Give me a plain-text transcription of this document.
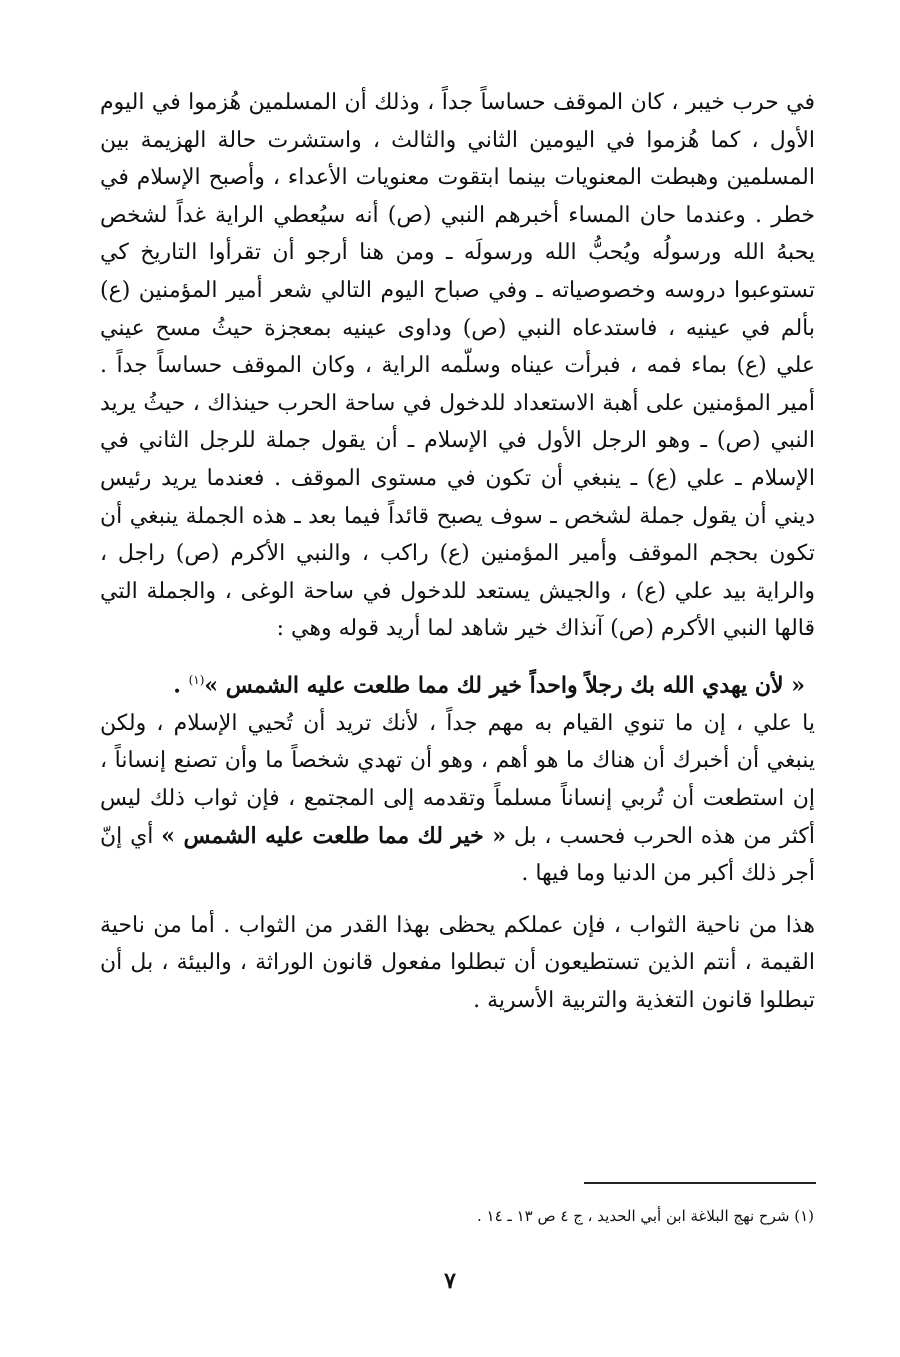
في حرب خيبر ، كان الموقف حساساً جداً ، وذلك أن المسلمين هُزموا في اليوم الأول ، كما هُزموا في اليومين الثاني والثالث ، واستشرت حالة الهزيمة بين المسلمين وهبطت المعنويات بينما ابتقوت معنويات الأعداء ، وأصبح الإسلام في خطر . وعندما حان المساء أخبرهم النبي (ص) أنه سيُعطي الراية غداً لشخص يحبهُ الله ورسولُه ويُحبُّ الله ورسولَه ـ ومن هنا أرجو أن تقرأوا التاريخ كي تستوعبوا دروسه وخصوصياته ـ وفي صباح اليوم التالي شعر أمير المؤمنين (ع) بألم في عينيه ، فاستدعاه النبي (ص) وداوى عينيه بمعجزة حيثُ مسح عيني علي (ع) بماء فمه ، فبرأت عيناه وسلّمه الراية ، وكان الموقف حساساً جداً . أمير المؤمنين على أهبة الاستعداد للدخول في ساحة الحرب حينذاك ، حيثُ يريد النبي (ص) ـ وهو الرجل الأول في الإسلام ـ أن يقول جملة للرجل الثاني في الإسلام ـ علي (ع) ـ ينبغي أن تكون في مستوى الموقف . فعندما يريد رئيس ديني أن يقول جملة لشخص ـ سوف يصبح قائداً فيما بعد ـ هذه الجملة ينبغي أن تكون بحجم الموقف وأمير المؤمنين (ع) راكب ، والنبي الأكرم (ص) راجل ، والراية بيد علي (ع) ، والجيش يستعد للدخول في ساحة الوغى ، والجملة التي قالها النبي الأكرم (ص) آنذاك خير شاهد لما أريد قوله وهي :

« لأن يهدي الله بك رجلاً واحداً خير لك مما طلعت عليه الشمس »$^{(١)}$ .

يا علي ، إن ما تنوي القيام به مهم جداً ، لأنك تريد أن تُحيي الإسلام ، ولكن ينبغي أن أخبرك أن هناك ما هو أهم ، وهو أن تهدي شخصاً ما وأن تصنع إنساناً ، إن استطعت أن تُربي إنساناً مسلماً وتقدمه إلى المجتمع ، فإن ثواب ذلك ليس أكثر من هذه الحرب فحسب ، بل « خير لك مما طلعت عليه الشمس » أي إنّ أجر ذلك أكبر من الدنيا وما فيها .

هذا من ناحية الثواب ، فإن عملكم يحظى بهذا القدر من الثواب . أما من ناحية القيمة ، أنتم الذين تستطيعون أن تبطلوا مفعول قانون الوراثة ، والبيئة ، بل أن تبطلوا قانون التغذية والتربية الأسرية .

(١) شرح نهج البلاغة ابن أبي الحديد ، ج ٤ ص ١٣ ـ ١٤ .
٧
